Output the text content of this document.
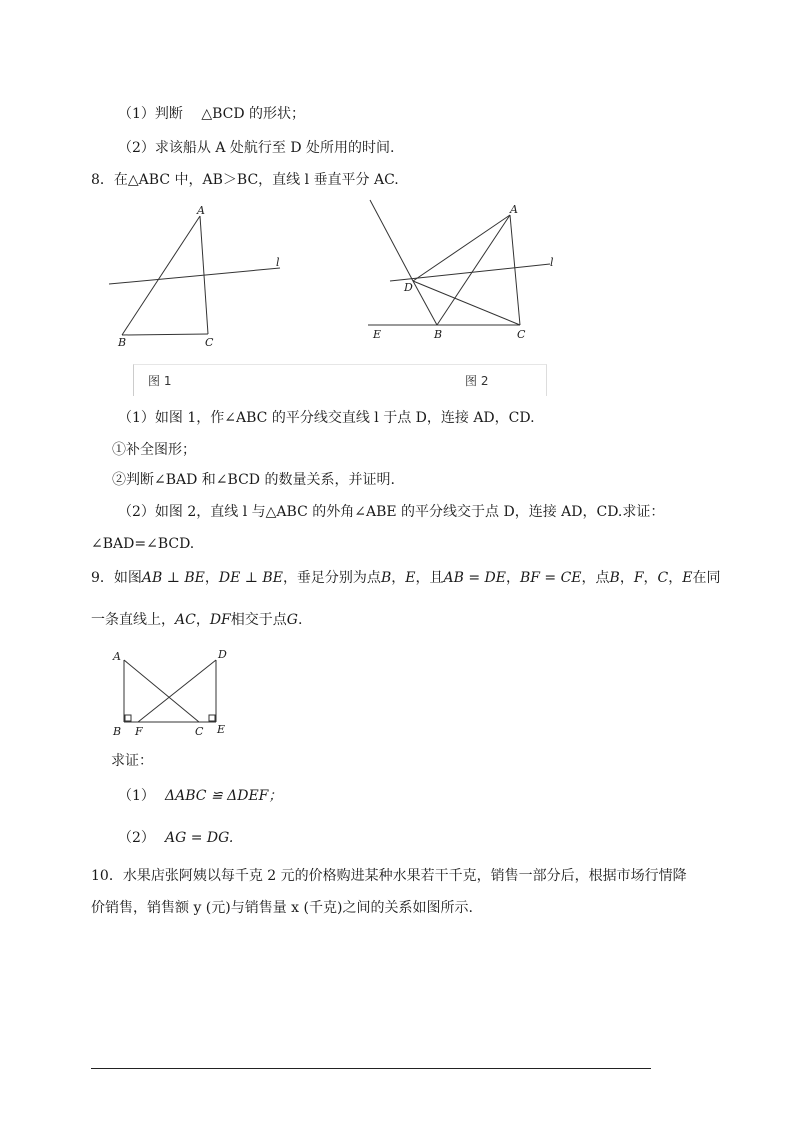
（1）判断　 △BCD 的形状；
（2）求该船从 A 处航行至 D 处所用的时间.
8．在△ABC 中，AB＞BC，直线 l 垂直平分 AC.
A
B	C
l
A
D
B	C
E
l
图 1	图 2
（1）如图 1，作∠ABC 的平分线交直线 l 于点 D，连接 AD，CD.
①补全图形；
②判断∠BAD 和∠BCD 的数量关系，并证明.
（2）如图 2，直线 l 与△ABC 的外角∠ABE 的平分线交于点 D，连接 AD，CD.求证：
∠BAD=∠BCD.
9．如图AB ⊥ BE，DE ⊥ BE，垂足分别为点B，E，且AB = DE，BF = CE，点B，F，C，E在同
一条直线上，AC，DF相交于点G.
A	D
B F	C E
求证：
（1） ΔABC ≌ ΔDEF；
（2） AG = DG.
10．水果店张阿姨以每千克 2 元的价格购进某种水果若干千克，销售一部分后，根据市场行情降
价销售，销售额 y (元)与销售量 x (千克)之间的关系如图所示.
